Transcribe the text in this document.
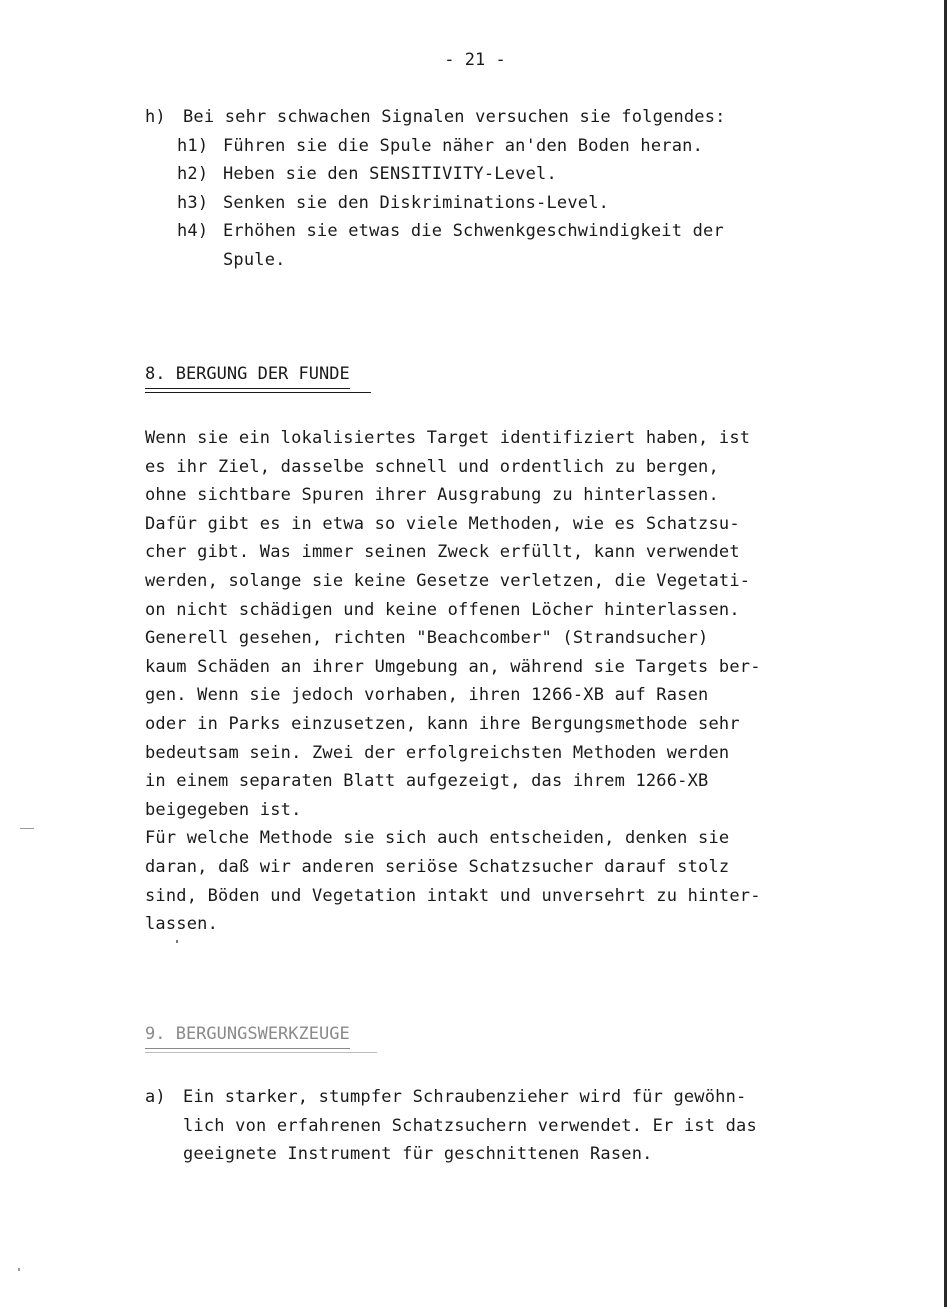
- 21 -
h)	Bei sehr schwachen Signalen versuchen sie folgendes:
h1) Führen sie die Spule näher an'den Boden heran.
h2) Heben sie den SENSITIVITY-Level.
h3) Senken sie den Diskriminations-Level.
h4) Erhöhen sie etwas die Schwenkgeschwindigkeit der
Spule.
8. BERGUNG DER FUNDE
Wenn sie ein lokalisiertes Target identifiziert haben, ist
es ihr Ziel, dasselbe schnell und ordentlich zu bergen,
ohne sichtbare Spuren ihrer Ausgrabung zu hinterlassen.
Dafür gibt es in etwa so viele Methoden, wie es Schatzsu-
cher gibt. Was immer seinen Zweck erfüllt, kann verwendet
werden, solange sie keine Gesetze verletzen, die Vegetati-
on nicht schädigen und keine offenen Löcher hinterlassen.
Generell gesehen, richten "Beachcomber" (Strandsucher)
kaum Schäden an ihrer Umgebung an, während sie Targets ber-
gen. Wenn sie jedoch vorhaben, ihren 1266-XB auf Rasen
oder in Parks einzusetzen, kann ihre Bergungsmethode sehr
bedeutsam sein. Zwei der erfolgreichsten Methoden werden
in einem separaten Blatt aufgezeigt, das ihrem 1266-XB
beigegeben ist.
Für welche Methode sie sich auch entscheiden, denken sie
daran, daß wir anderen seriöse Schatzsucher darauf stolz
sind, Böden und Vegetation intakt und unversehrt zu hinter-
lassen.
9. BERGUNGSWERKZEUGE
a)	Ein starker, stumpfer Schraubenzieher wird für gewöhn-
lich von erfahrenen Schatzsuchern verwendet. Er ist das
geeignete Instrument für geschnittenen Rasen.
